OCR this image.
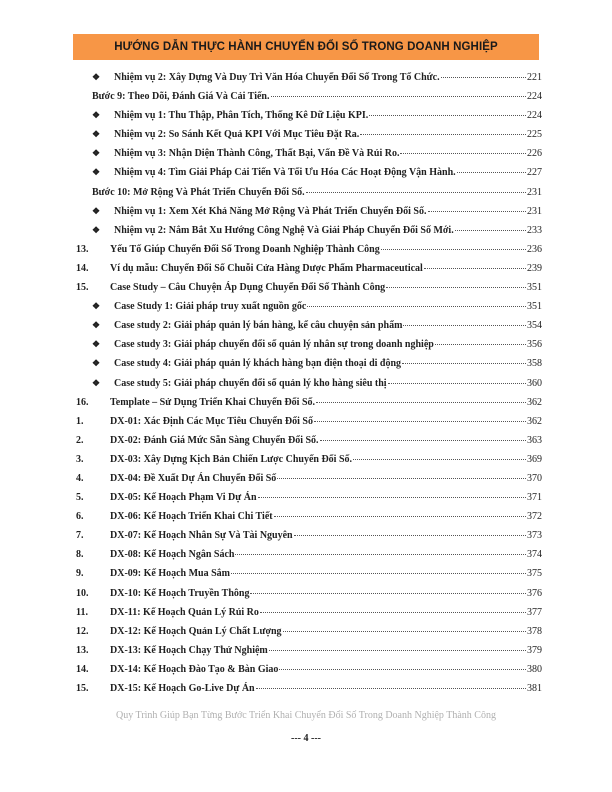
HƯỚNG DẪN THỰC HÀNH CHUYỂN ĐỔI SỐ TRONG DOANH NGHIỆP
❖	Nhiệm vụ 2: Xây Dựng Và Duy Trì Văn Hóa Chuyển Đổi Số Trong Tổ Chức.	221
Bước 9: Theo Dõi, Đánh Giá Và Cải Tiến.	224
❖	Nhiệm vụ 1: Thu Thập, Phân Tích, Thống Kê Dữ Liệu KPI.	224
❖	Nhiệm vụ 2: So Sánh Kết Quả KPI Với Mục Tiêu Đặt Ra.	225
❖	Nhiệm vụ 3: Nhận Diện Thành Công, Thất Bại, Vấn Đề Và Rủi Ro.	226
❖	Nhiệm vụ 4: Tìm Giải Pháp Cải Tiến Và Tối Ưu Hóa Các Hoạt Động Vận Hành.	227
Bước 10: Mở Rộng Và Phát Triển Chuyển Đổi Số.	231
❖	Nhiệm vụ 1: Xem Xét Khả Năng Mở Rộng Và Phát Triển Chuyển Đổi Số.	231
❖	Nhiệm vụ 2: Nắm Bắt Xu Hướng Công Nghệ Và Giải Pháp Chuyển Đổi Số Mới.	233
13.	Yếu Tố Giúp Chuyển Đổi Số Trong Doanh Nghiệp Thành Công	236
14.	Ví dụ mẫu: Chuyển Đổi Số Chuỗi Cửa Hàng Dược Phẩm Pharmaceutical	239
15.	Case Study – Câu Chuyện Áp Dụng Chuyển Đổi Số Thành Công	351
❖	Case Study 1: Giải pháp truy xuất nguồn gốc	351
❖	Case study 2: Giải pháp quản lý bán hàng, kể câu chuyện sản phẩm	354
❖	Case study 3: Giải pháp chuyển đổi số quản lý nhân sự trong doanh nghiệp	356
❖	Case study 4: Giải pháp quản lý khách hàng bạn điện thoại di động	358
❖	Case study 5: Giải pháp chuyển đổi số quản lý kho hàng siêu thị	360
16.	Template – Sử Dụng Triển Khai Chuyển Đổi Số.	362
1.	DX-01: Xác Định Các Mục Tiêu Chuyển Đổi Số	362
2.	DX-02: Đánh Giá Mức Sẵn Sàng Chuyển Đổi Số.	363
3.	DX-03: Xây Dựng Kịch Bản Chiến Lược Chuyển Đổi Số.	369
4.	DX-04: Đề Xuất Dự Án Chuyển Đổi Số	370
5.	DX-05: Kế Hoạch Phạm Vi Dự Án	371
6.	DX-06: Kế Hoạch Triển Khai Chi Tiết	372
7.	DX-07: Kế Hoạch Nhân Sự Và Tài Nguyên	373
8.	DX-08: Kế Hoạch Ngân Sách	374
9.	DX-09: Kế Hoạch Mua Sắm	375
10.	DX-10: Kế Hoạch Truyền Thông	376
11.	DX-11: Kế Hoạch Quản Lý Rủi Ro	377
12.	DX-12: Kế Hoạch Quản Lý Chất Lượng	378
13.	DX-13: Kế Hoạch Chạy Thử Nghiệm	379
14.	DX-14: Kế Hoạch Đào Tạo & Bàn Giao	380
15.	DX-15: Kế Hoạch Go-Live Dự Án	381
Quy Trình Giúp Bạn Từng Bước Triển Khai Chuyển Đổi Số Trong Doanh Nghiệp Thành Công
--- 4 ---
